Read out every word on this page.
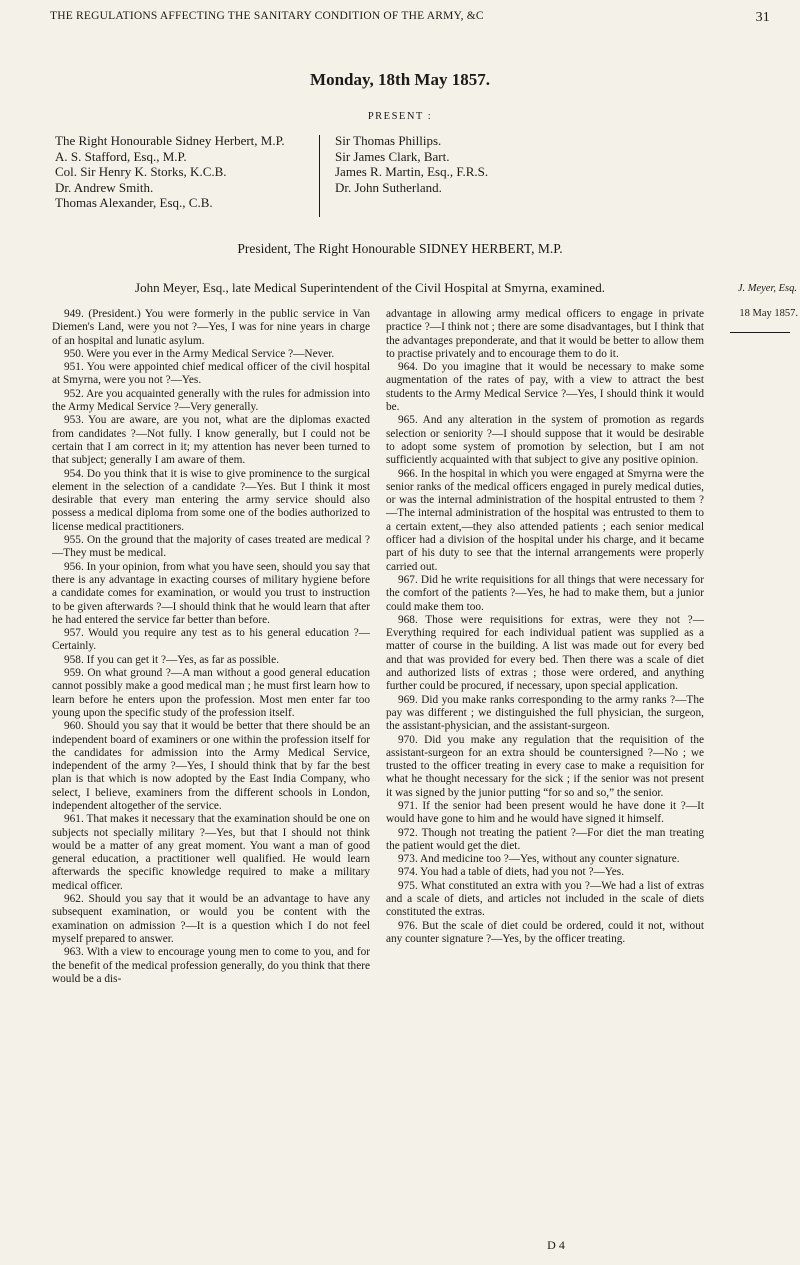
THE REGULATIONS AFFECTING THE SANITARY CONDITION OF THE ARMY, &C	31
Monday, 18th May 1857.
PRESENT :
The Right Honourable Sidney Herbert, M.P.
A. S. Stafford, Esq., M.P.
Col. Sir Henry K. Storks, K.C.B.
Dr. Andrew Smith.
Thomas Alexander, Esq., C.B.
Sir Thomas Phillips.
Sir James Clark, Bart.
James R. Martin, Esq., F.R.S.
Dr. John Sutherland.
President, The Right Honourable SIDNEY HERBERT, M.P.
John Meyer, Esq., late Medical Superintendent of the Civil Hospital at Smyrna, examined.	J. Meyer, Esq.
18 May 1857.

949. (President.) You were formerly in the public service in Van Diemen's Land, were you not ?—Yes, I was for nine years in charge of an hospital and lunatic asylum.

950. Were you ever in the Army Medical Service ?—Never.

951. You were appointed chief medical officer of the civil hospital at Smyrna, were you not ?—Yes.

952. Are you acquainted generally with the rules for admission into the Army Medical Service ?—Very generally.

953. You are aware, are you not, what are the diplomas exacted from candidates ?—Not fully. I know generally, but I could not be certain that I am correct in it; my attention has never been turned to that subject; generally I am aware of them.

954. Do you think that it is wise to give prominence to the surgical element in the selection of a candidate ?—Yes. But I think it most desirable that every man entering the army service should also possess a medical diploma from some one of the bodies authorized to license medical practitioners.

955. On the ground that the majority of cases treated are medical ?—They must be medical.

956. In your opinion, from what you have seen, should you say that there is any advantage in exacting courses of military hygiene before a candidate comes for examination, or would you trust to instruction to be given afterwards ?—I should think that he would learn that after he had entered the service far better than before.

957. Would you require any test as to his general education ?—Certainly.

958. If you can get it ?—Yes, as far as possible.

959. On what ground ?—A man without a good general education cannot possibly make a good medical man ; he must first learn how to learn before he enters upon the profession. Most men enter far too young upon the specific study of the profession itself.

960. Should you say that it would be better that there should be an independent board of examiners or one within the profession itself for the candidates for admission into the Army Medical Service, independent of the army ?—Yes, I should think that by far the best plan is that which is now adopted by the East India Company, who select, I believe, examiners from the different schools in London, independent altogether of the service.

961. That makes it necessary that the examination should be one on subjects not specially military ?—Yes, but that I should not think would be a matter of any great moment. You want a man of good general education, a practitioner well qualified. He would learn afterwards the specific knowledge required to make a military medical officer.

962. Should you say that it would be an advantage to have any subsequent examination, or would you be content with the examination on admission ?—It is a question which I do not feel myself prepared to answer.

963. With a view to encourage young men to come to you, and for the benefit of the medical profession generally, do you think that there would be a dis-

advantage in allowing army medical officers to engage in private practice ?—I think not ; there are some disadvantages, but I think that the advantages preponderate, and that it would be better to allow them to practise privately and to encourage them to do it.

964. Do you imagine that it would be necessary to make some augmentation of the rates of pay, with a view to attract the best students to the Army Medical Service ?—Yes, I should think it would be.

965. And any alteration in the system of promotion as regards selection or seniority ?—I should suppose that it would be desirable to adopt some system of promotion by selection, but I am not sufficiently acquainted with that subject to give any positive opinion.

966. In the hospital in which you were engaged at Smyrna were the senior ranks of the medical officers engaged in purely medical duties, or was the internal administration of the hospital entrusted to them ?—The internal administration of the hospital was entrusted to them to a certain extent,—they also attended patients ; each senior medical officer had a division of the hospital under his charge, and it became part of his duty to see that the internal arrangements were properly carried out.

967. Did he write requisitions for all things that were necessary for the comfort of the patients ?—Yes, he had to make them, but a junior could make them too.

968. Those were requisitions for extras, were they not ?—Everything required for each individual patient was supplied as a matter of course in the building. A list was made out for every bed and that was provided for every bed. Then there was a scale of diet and authorized lists of extras ; those were ordered, and anything further could be procured, if necessary, upon special application.

969. Did you make ranks corresponding to the army ranks ?—The pay was different ; we distinguished the full physician, the surgeon, the assistant-physician, and the assistant-surgeon.

970. Did you make any regulation that the requisition of the assistant-surgeon for an extra should be countersigned ?—No ; we trusted to the officer treating in every case to make a requisition for what he thought necessary for the sick ; if the senior was not present it was signed by the junior putting “for so and so,” the senior.

971. If the senior had been present would he have done it ?—It would have gone to him and he would have signed it himself.

972. Though not treating the patient ?—For diet the man treating the patient would get the diet.

973. And medicine too ?—Yes, without any counter signature.

974. You had a table of diets, had you not ?—Yes.

975. What constituted an extra with you ?—We had a list of extras and a scale of diets, and articles not included in the scale of diets constituted the extras.

976. But the scale of diet could be ordered, could it not, without any counter signature ?—Yes, by the officer treating.

D 4
